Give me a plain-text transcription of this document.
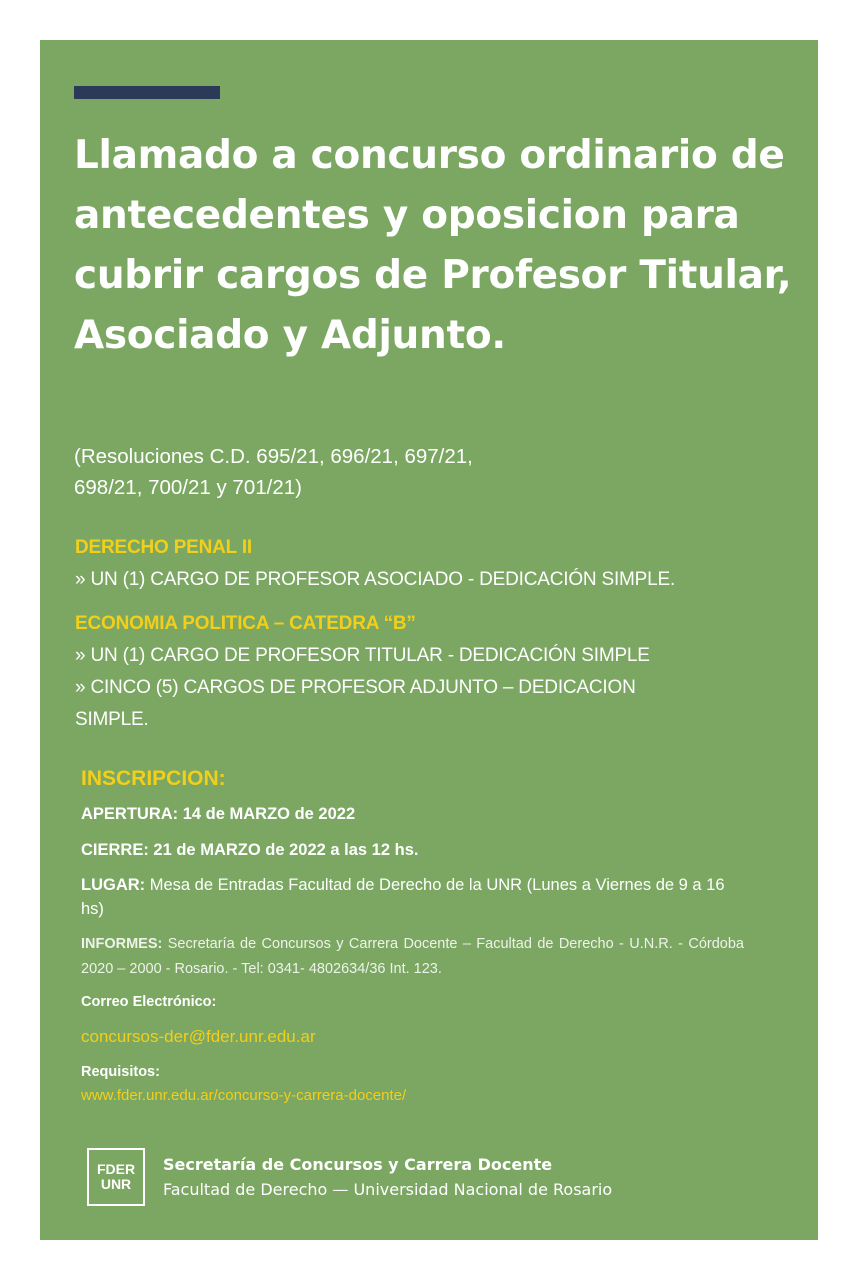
Llamado a concurso ordinario de antecedentes y oposicion para cubrir cargos de Profesor Titular, Asociado y Adjunto.
(Resoluciones C.D. 695/21, 696/21, 697/21,
698/21, 700/21 y 701/21)
DERECHO PENAL II
» UN (1) CARGO DE PROFESOR ASOCIADO - DEDICACIÓN SIMPLE.
ECONOMIA POLITICA – CATEDRA “B”
» UN (1) CARGO DE PROFESOR TITULAR - DEDICACIÓN SIMPLE
» CINCO (5) CARGOS DE PROFESOR ADJUNTO – DEDICACION SIMPLE.
INSCRIPCION:
APERTURA: 14 de MARZO de 2022
CIERRE: 21 de MARZO de 2022 a las 12 hs.
LUGAR: Mesa de Entradas Facultad de Derecho de la UNR (Lunes a Viernes de 9 a 16 hs)
INFORMES: Secretaría de Concursos y Carrera Docente – Facultad de Derecho - U.N.R. - Córdoba 2020 – 2000 - Rosario. - Tel: 0341- 4802634/36 Int. 123.
Correo Electrónico:
concursos-der@fder.unr.edu.ar
Requisitos:
www.fder.unr.edu.ar/concurso-y-carrera-docente/
FDER
UNR
Secretaría de Concursos y Carrera Docente
Facultad de Derecho — Universidad Nacional de Rosario
